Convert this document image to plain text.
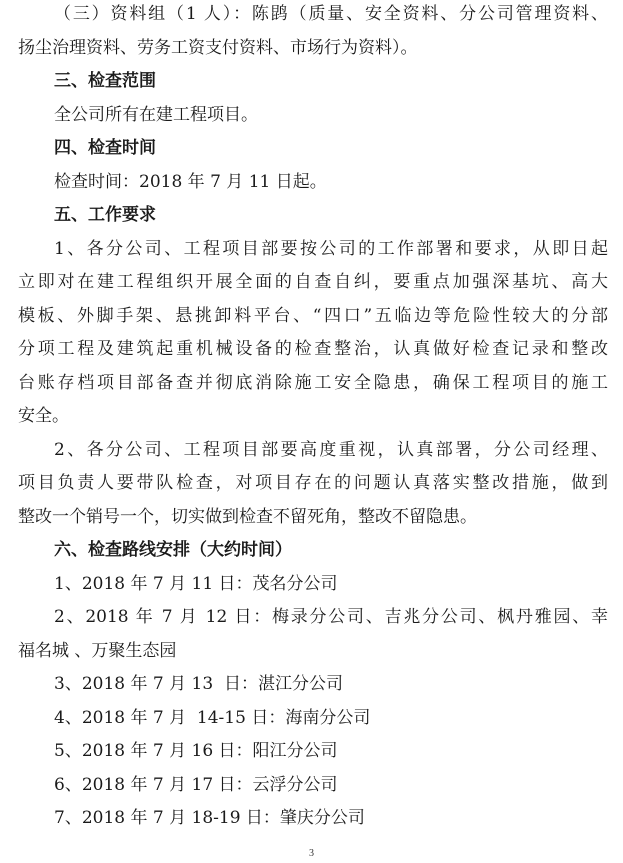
（三）资料组（1 人）：陈鹍（质量、安全资料、分公司管理资料、
扬尘治理资料、劳务工资支付资料、市场行为资料）。
三、检查范围
全公司所有在建工程项目。
四、检查时间
检查时间：2018 年 7 月 11 日起。
五、工作要求
1、各分公司、工程项目部要按公司的工作部署和要求，从即日起
立即对在建工程组织开展全面的自查自纠，要重点加强深基坑、高大
模板、外脚手架、悬挑卸料平台、“四口”五临边等危险性较大的分部
分项工程及建筑起重机械设备的检查整治，认真做好检查记录和整改
台账存档项目部备查并彻底消除施工安全隐患，确保工程项目的施工
安全。
2、各分公司、工程项目部要高度重视，认真部署，分公司经理、
项目负责人要带队检查，对项目存在的问题认真落实整改措施，做到
整改一个销号一个，切实做到检查不留死角，整改不留隐患。
六、检查路线安排（大约时间）
1、2018 年 7 月 11 日：茂名分公司
2、2018 年 7 月 12 日：梅录分公司、吉兆分公司、枫丹雅园、幸
福名城 、万聚生态园
3、2018 年 7 月 13  日：湛江分公司
4、2018 年 7 月  14-15 日：海南分公司
5、2018 年 7 月 16 日：阳江分公司
6、2018 年 7 月 17 日：云浮分公司
7、2018 年 7 月 18-19 日：肇庆分公司
3
